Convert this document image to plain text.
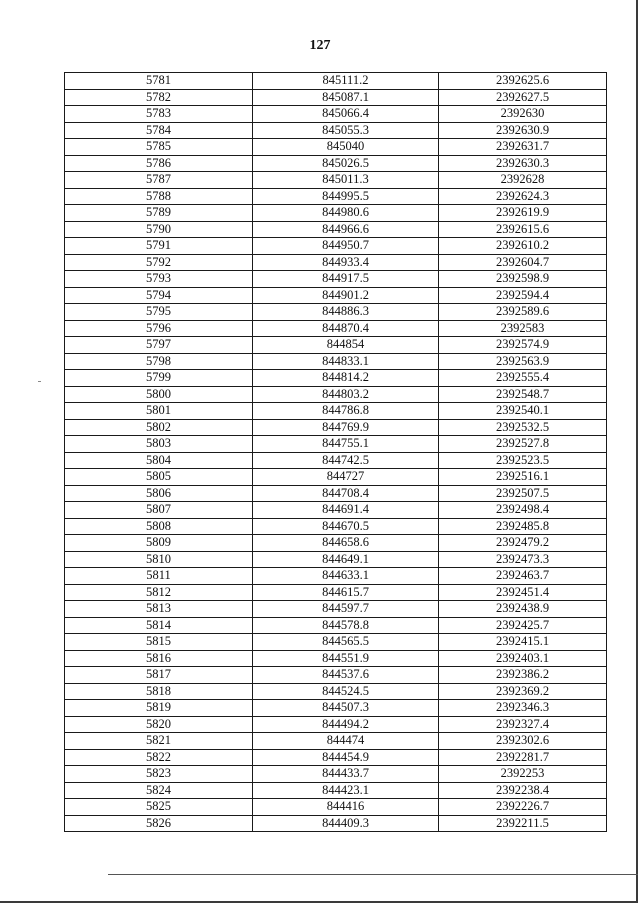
127
5781	845111.2	2392625.6
5782	845087.1	2392627.5
5783	845066.4	2392630
5784	845055.3	2392630.9
5785	845040	2392631.7
5786	845026.5	2392630.3
5787	845011.3	2392628
5788	844995.5	2392624.3
5789	844980.6	2392619.9
5790	844966.6	2392615.6
5791	844950.7	2392610.2
5792	844933.4	2392604.7
5793	844917.5	2392598.9
5794	844901.2	2392594.4
5795	844886.3	2392589.6
5796	844870.4	2392583
5797	844854	2392574.9
5798	844833.1	2392563.9
5799	844814.2	2392555.4
5800	844803.2	2392548.7
5801	844786.8	2392540.1
5802	844769.9	2392532.5
5803	844755.1	2392527.8
5804	844742.5	2392523.5
5805	844727	2392516.1
5806	844708.4	2392507.5
5807	844691.4	2392498.4
5808	844670.5	2392485.8
5809	844658.6	2392479.2
5810	844649.1	2392473.3
5811	844633.1	2392463.7
5812	844615.7	2392451.4
5813	844597.7	2392438.9
5814	844578.8	2392425.7
5815	844565.5	2392415.1
5816	844551.9	2392403.1
5817	844537.6	2392386.2
5818	844524.5	2392369.2
5819	844507.3	2392346.3
5820	844494.2	2392327.4
5821	844474	2392302.6
5822	844454.9	2392281.7
5823	844433.7	2392253
5824	844423.1	2392238.4
5825	844416	2392226.7
5826	844409.3	2392211.5
